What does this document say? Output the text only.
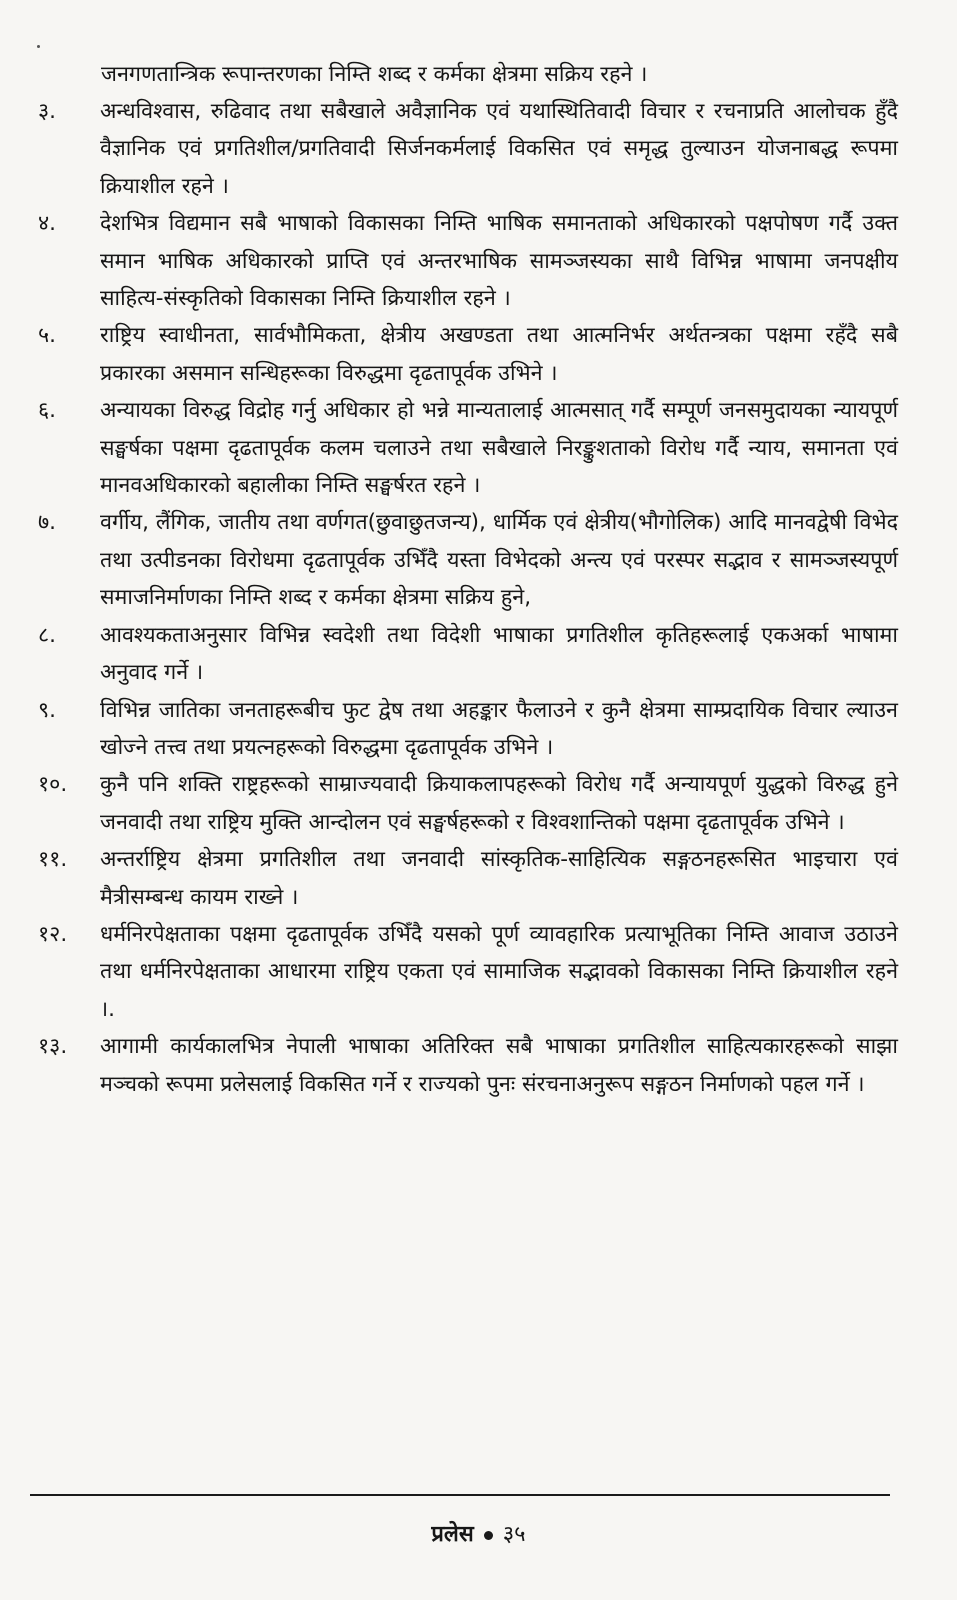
जनगणतान्त्रिक रूपान्तरणका निम्ति शब्द र कर्मका क्षेत्रमा सक्रिय रहने ।

३.	अन्धविश्वास, रुढिवाद तथा सबैखाले अवैज्ञानिक एवं यथास्थितिवादी विचार र रचनाप्रति आलोचक हुँदै वैज्ञानिक एवं प्रगतिशील/प्रगतिवादी सिर्जनकर्मलाई विकसित एवं समृद्ध तुल्याउन योजनाबद्ध रूपमा क्रियाशील रहने ।

४.	देशभित्र विद्यमान सबै भाषाको विकासका निम्ति भाषिक समानताको अधिकारको पक्षपोषण गर्दै उक्त समान भाषिक अधिकारको प्राप्ति एवं अन्तरभाषिक सामञ्जस्यका साथै विभिन्न भाषामा जनपक्षीय साहित्य-संस्कृतिको विकासका निम्ति क्रियाशील रहने ।

५.	राष्ट्रिय स्वाधीनता, सार्वभौमिकता, क्षेत्रीय अखण्डता तथा आत्मनिर्भर अर्थतन्त्रका पक्षमा रहँदै सबै प्रकारका असमान सन्धिहरूका विरुद्धमा दृढतापूर्वक उभिने ।

६.	अन्यायका विरुद्ध विद्रोह गर्नु अधिकार हो भन्ने मान्यतालाई आत्मसात् गर्दै सम्पूर्ण जनसमुदायका न्यायपूर्ण सङ्घर्षका पक्षमा दृढतापूर्वक कलम चलाउने तथा सबैखाले निरङ्कुशताको विरोध गर्दै न्याय, समानता एवं मानवअधिकारको बहालीका निम्ति सङ्घर्षरत रहने ।

७.	वर्गीय, लैंगिक, जातीय तथा वर्णगत(छुवाछुतजन्य), धार्मिक एवं क्षेत्रीय(भौगोलिक) आदि मानवद्वेषी विभेद तथा उत्पीडनका विरोधमा दृढतापूर्वक उभिँदै यस्ता विभेदको अन्त्य एवं परस्पर सद्भाव र सामञ्जस्यपूर्ण समाजनिर्माणका निम्ति शब्द र कर्मका क्षेत्रमा सक्रिय हुने,

८.	आवश्यकताअनुसार विभिन्न स्वदेशी तथा विदेशी भाषाका प्रगतिशील कृतिहरूलाई एकअर्का भाषामा अनुवाद गर्ने ।

९.	विभिन्न जातिका जनताहरूबीच फुट द्वेष तथा अहङ्कार फैलाउने र कुनै क्षेत्रमा साम्प्रदायिक विचार ल्याउन खोज्ने तत्त्व तथा प्रयत्नहरूको विरुद्धमा दृढतापूर्वक उभिने ।

१०.	कुनै पनि शक्ति राष्ट्रहरूको साम्राज्यवादी क्रियाकलापहरूको विरोध गर्दै अन्यायपूर्ण युद्धको विरुद्ध हुने जनवादी तथा राष्ट्रिय मुक्ति आन्दोलन एवं सङ्घर्षहरूको र विश्वशान्तिको पक्षमा दृढतापूर्वक उभिने ।

११.	अन्तर्राष्ट्रिय क्षेत्रमा प्रगतिशील तथा जनवादी सांस्कृतिक-साहित्यिक सङ्गठनहरूसित भाइचारा एवं मैत्रीसम्बन्ध कायम राख्ने ।

१२.	धर्मनिरपेक्षताका पक्षमा दृढतापूर्वक उभिँदै यसको पूर्ण व्यावहारिक प्रत्याभूतिका निम्ति आवाज उठाउने तथा धर्मनिरपेक्षताका आधारमा राष्ट्रिय एकता एवं सामाजिक सद्भावको विकासका निम्ति क्रियाशील रहने ।.

१३.	आगामी कार्यकालभित्र नेपाली भाषाका अतिरिक्त सबै भाषाका प्रगतिशील साहित्यकारहरूको साझा मञ्चको रूपमा प्रलेसलाई विकसित गर्ने र राज्यको पुनः संरचनाअनुरूप सङ्गठन निर्माणको पहल गर्ने ।

प्रलेस ३५
